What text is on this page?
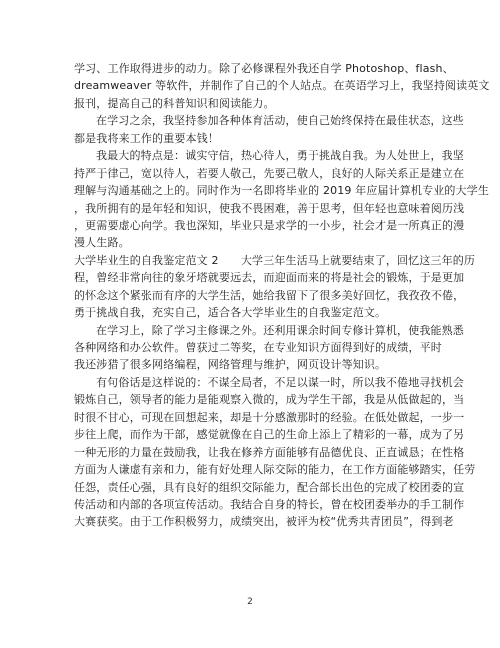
学习、工作取得进步的动力。除了必修课程外我还自学 Photoshop、flash、
dreamweaver 等软件，并制作了自己的个人站点。在英语学习上，我坚持阅读英文
报刊，提高自己的科普知识和阅读能力。
在学习之余，我坚持参加各种体育活动，使自己始终保持在最佳状态，这些
都是我将来工作的重要本钱！
我最大的特点是：诚实守信，热心待人，勇于挑战自我。为人处世上，我坚
持严于律己，宽以待人，若要人敬己，先要己敬人，良好的人际关系正是建立在
理解与沟通基础之上的。同时作为一名即将毕业的 2019 年应届计算机专业的大学生
，我所拥有的是年轻和知识，使我不畏困难，善于思考，但年轻也意味着阅历浅
，更需要虚心向学。我也深知，毕业只是求学的一小步，社会才是一所真正的漫
漫人生路。
大学毕业生的自我鉴定范文 2　　大学三年生活马上就要结束了，回忆这三年的历
程，曾经非常向往的象牙塔就要远去，而迎面而来的将是社会的锻炼，于是更加
的怀念这个紧张而有序的大学生活，她给我留下了很多美好回忆，我孜孜不倦，
勇于挑战自我，充实自己，适合各大学毕业生的自我鉴定范文。
在学习上，除了学习主修课之外。还利用课余时间专修计算机，使我能熟悉
各种网络和办公软件。曾获过二等奖，在专业知识方面得到好的成绩，平时
我还涉猎了很多网络编程，网络管理与维护，网页设计等知识。
有句俗话是这样说的：不谋全局者，不足以谋一时，所以我不倦地寻找机会
锻炼自己，领导者的能力是能观察入微的，成为学生干部，我是从低做起的，当
时很不甘心，可现在回想起来，却是十分感激那时的经验。在低处做起，一步一
步往上爬，而作为干部，感觉就像在自己的生命上添上了精彩的一幕，成为了另
一种无形的力量在鼓励我，让我在修养方面能够有品德优良、正直诚恳；在性格
方面为人谦虚有亲和力，能有好处理人际交际的能力，在工作方面能够踏实，任劳
任怨，责任心强，具有良好的组织交际能力，配合部长出色的完成了校团委的宣
传活动和内部的各项宣传活动。我结合自身的特长，曾在校团委举办的手工制作
大赛获奖。由于工作积极努力，成绩突出，被评为校“优秀共青团员”，得到老
2
